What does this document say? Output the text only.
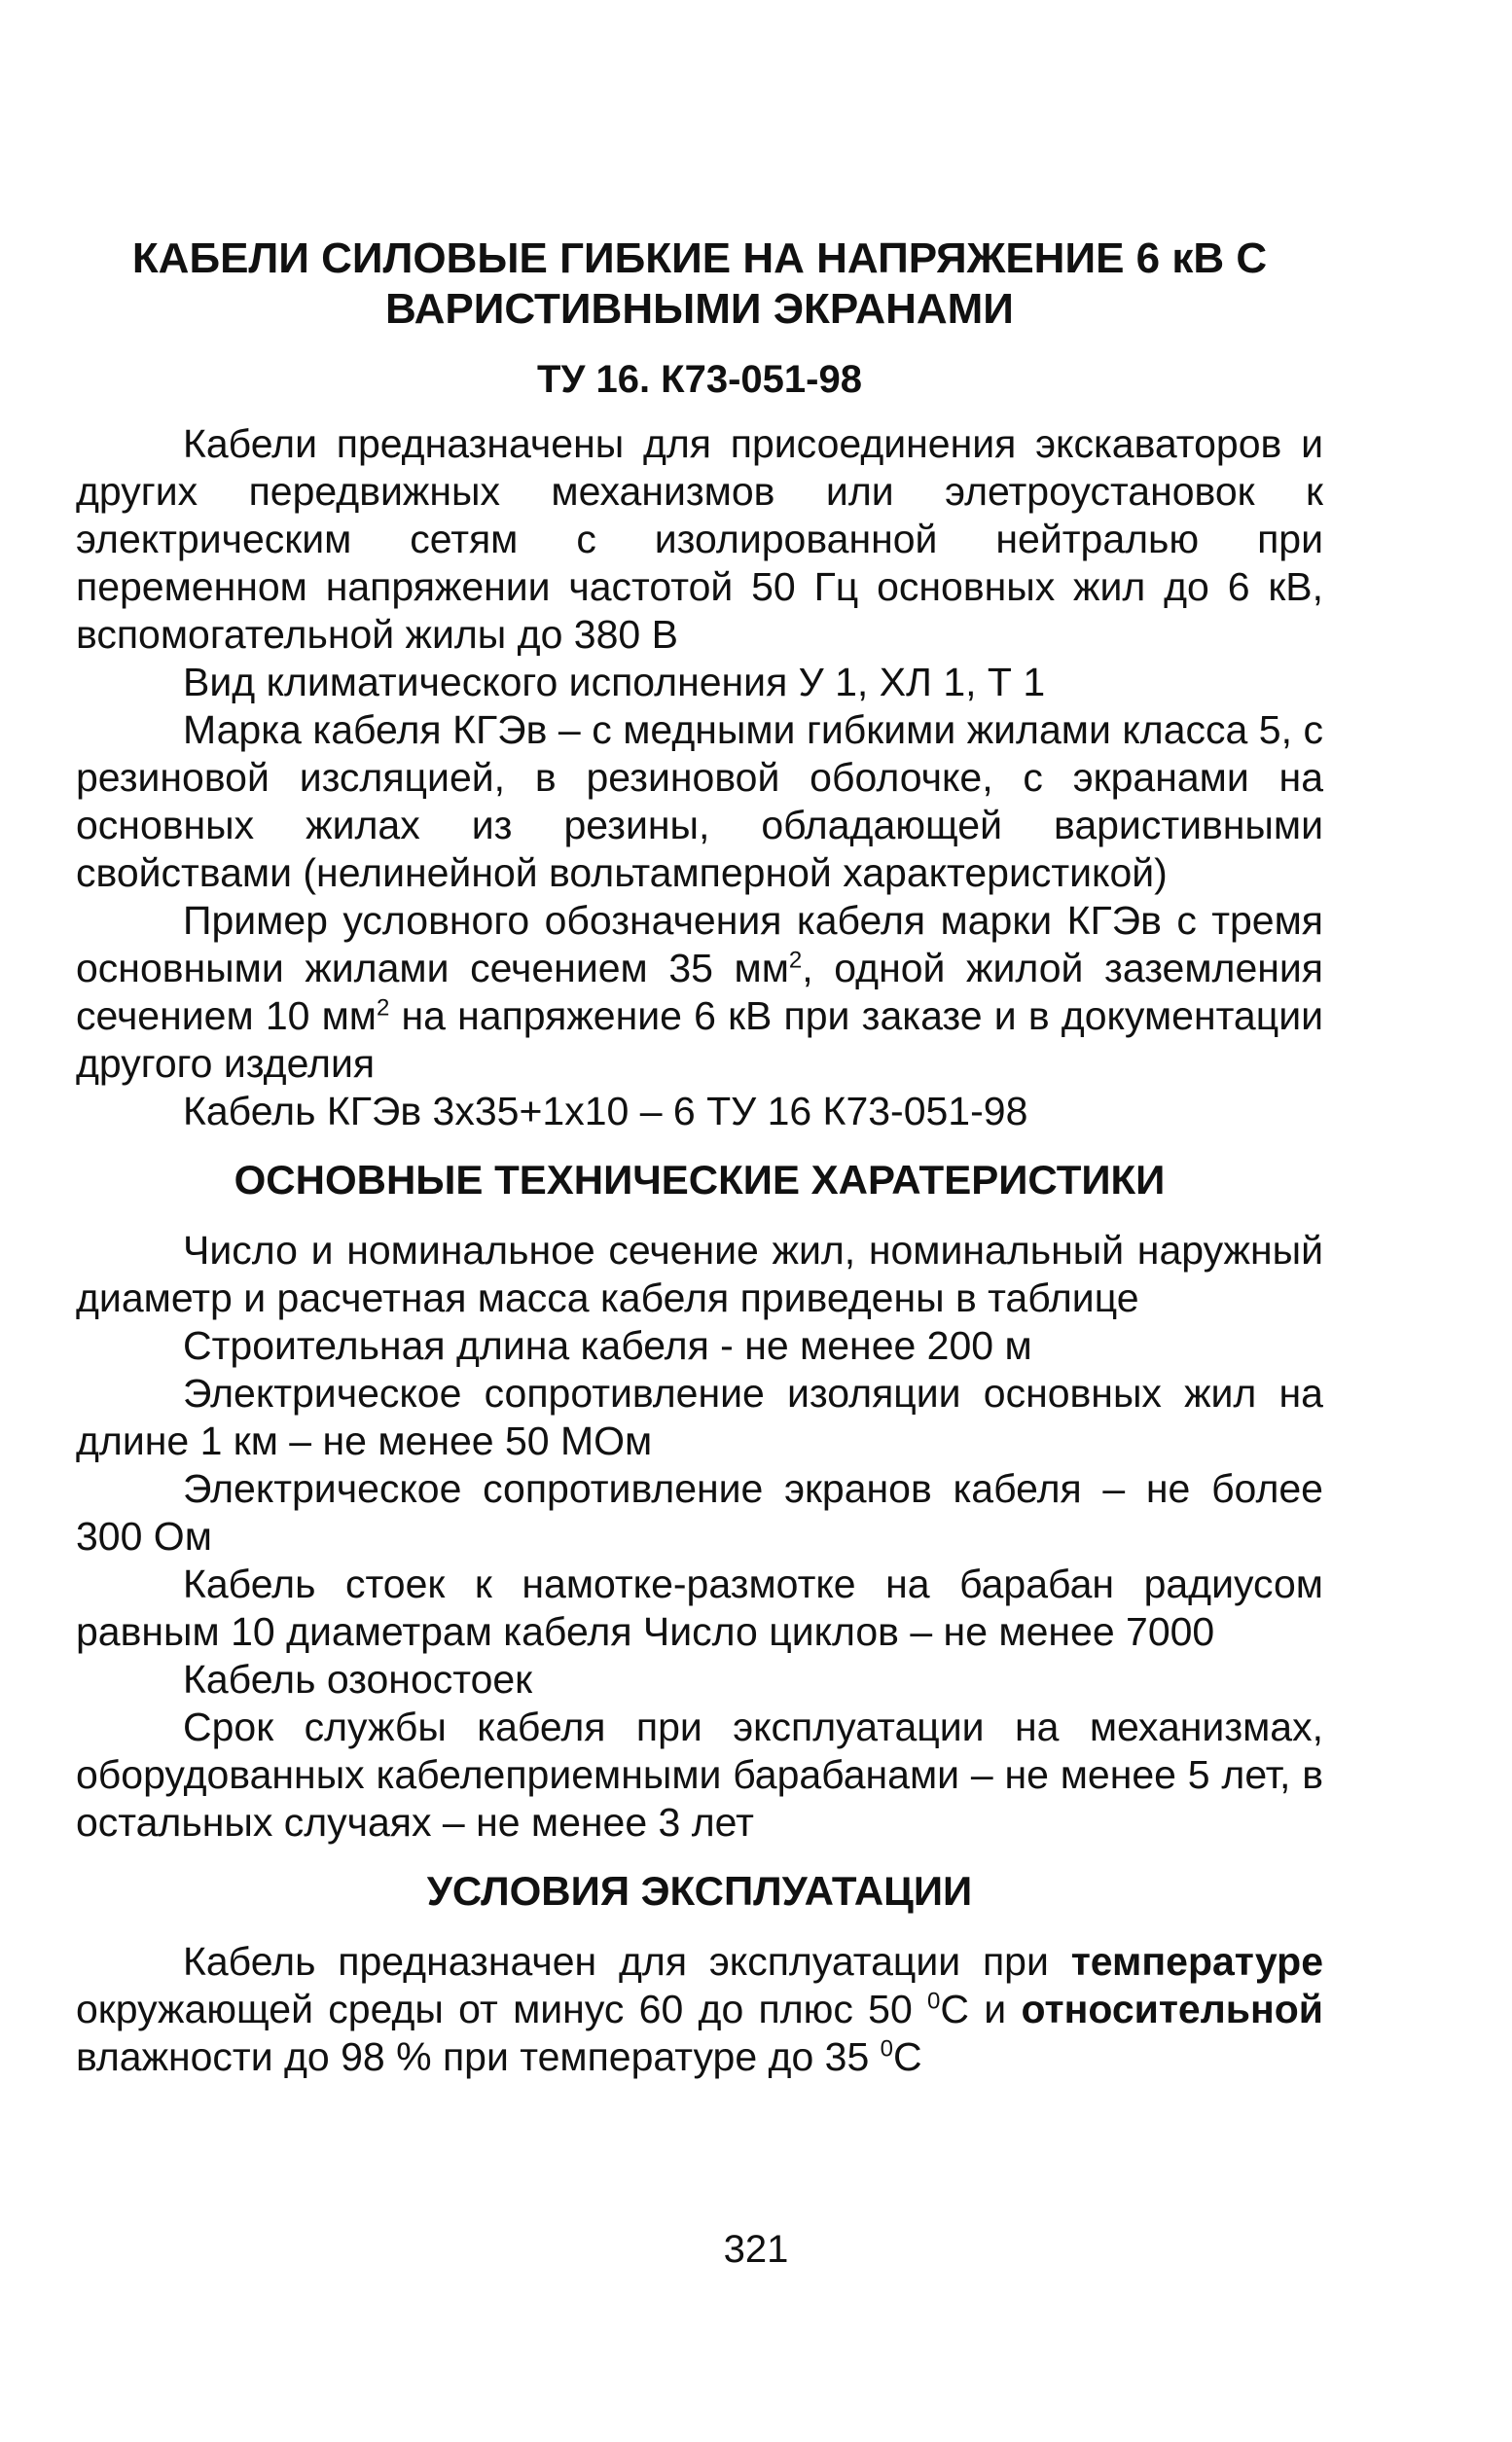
КАБЕЛИ СИЛОВЫЕ ГИБКИЕ НА НАПРЯЖЕНИЕ 6 кВ С ВАРИСТИВНЫМИ ЭКРАНАМИ
ТУ 16. К73-051-98

Кабели предназначены для присоединения экскаваторов и других передвижных механизмов или элетроустановок к электрическим сетям с изолированной нейтралью при переменном напряжении частотой 50 Гц основных жил до 6 кВ, вспомогательной жилы до 380 В

Вид климатического исполнения У 1, ХЛ 1, Т 1

Марка кабеля КГЭв – с медными гибкими жилами класса 5, с резиновой изсляцией, в резиновой оболочке, с экранами на основных жилах из резины, обладающей варистивными свойствами (нелинейной вольтамперной характеристикой)

Пример условного обозначения кабеля марки КГЭв с тремя основными жилами сечением 35 $мм^2$, одной жилой заземления сечением 10 $мм^2$ на напряжение 6 кВ при заказе и в документации другого изделия

Кабель КГЭв 3х35+1х10 – 6 ТУ 16 К73-051-98

ОСНОВНЫЕ ТЕХНИЧЕСКИЕ ХАРАТЕРИСТИКИ

Число и номинальное сечение жил, номинальный наружный диаметр и расчетная масса кабеля приведены в таблице

Строительная длина кабеля - не менее 200 м

Электрическое сопротивление изоляции основных жил на длине 1 км – не менее 50 МОм

Электрическое сопротивление экранов кабеля – не более 300 Ом

Кабель стоек к намотке-размотке на барабан радиусом равным 10 диаметрам кабеля Число циклов – не менее 7000

Кабель озоностоек

Срок службы кабеля при эксплуатации на механизмах, оборудованных кабелеприемными барабанами – не менее 5 лет, в остальных случаях – не менее 3 лет

УСЛОВИЯ ЭКСПЛУАТАЦИИ

Кабель предназначен для эксплуатации при температуре окружающей среды от минус 60 до плюс 50 $^0$С и относительной влажности до 98 % при температуре до 35 $^0$С

321
